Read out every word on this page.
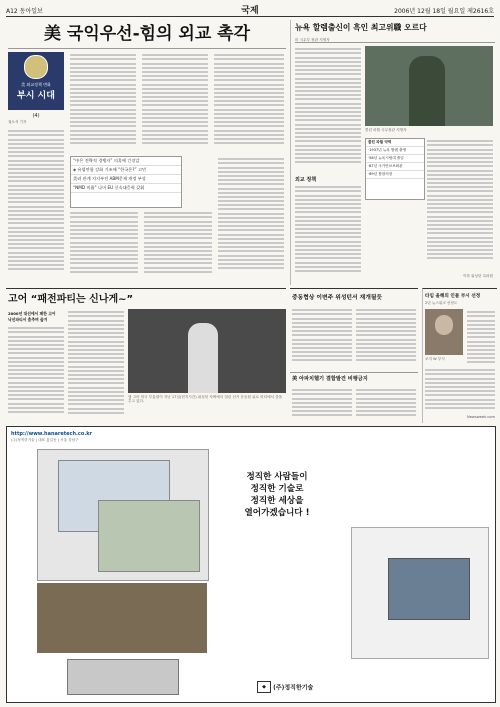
A12 동아일보	국제	2006년 12월 18일 월요일 제2616호
美 국익우선-힘의 외교 촉각
美 외교정책 변화
부시 시대
(4)
권오석 기자
“中은 전략적 경쟁자” 의혹에 긴장감
◈ 유럽연합 강화 기조에 “한국은?” 고민
美러 관계 지지부진 ABM문제 개정 부상
“NMD 미흡” 나머 EU 신속대응력 갖춰
뉴욕 할렘출신이 흑인 최고위職 오르다
미 국무부 장관 지명자
콜린 파월 국무장관 지명자
외교 정책
콜린 파월 약력
·1937년 뉴욕 할렘 출생
·58년 뉴욕시립대 졸업
·87년 국가안보보좌관
·89년 합참의장
이하 워싱턴 특파원
고어 “패전파티는 신나게~”
2000년 대선에서 패한 고어
낙선파티서 춤추며 즐겨
앨 고어 미국 부통령이 지난 17일(현지시간) 워싱턴 자택에서 열린 선거 운동원 위로 파티에서 춤을 추고 있다.
중동협상 이변주 위성턴서 재개될듯
美 아파치헬기 결함발견 비행금지
타임 올해의 인물 부시 선정
2년 뉴스위크 선정도
조지 W 부시
Newsweek.com
http://www.hanaretech.co.kr
(주)정직한기술 | 대표 홍길동 | 서울 강남구
정직한 사람들이
정직한 기술로
정직한 세상을
열어가겠습니다 !
◆ (주)정직한기술
